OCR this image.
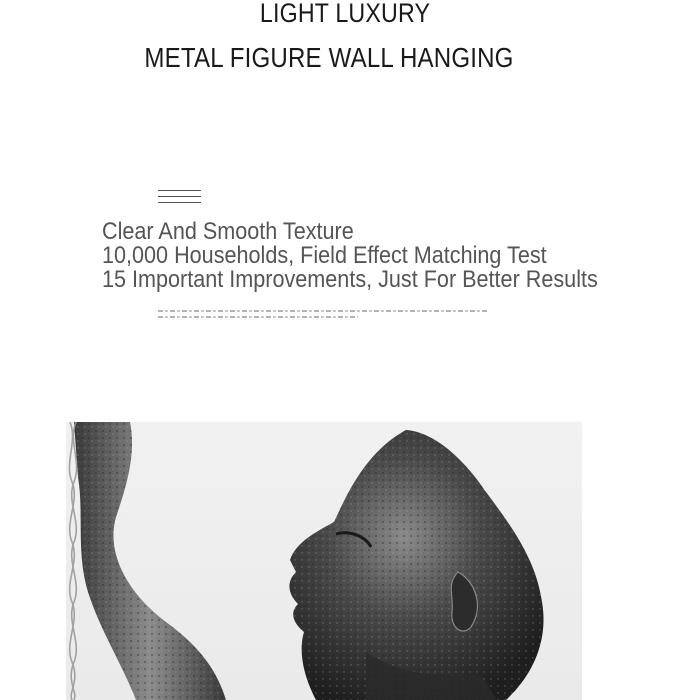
LIGHT LUXURY
METAL FIGURE WALL HANGING
Clear And Smooth Texture
10,000 Households, Field Effect Matching Test
15 Important Improvements, Just For Better Results
